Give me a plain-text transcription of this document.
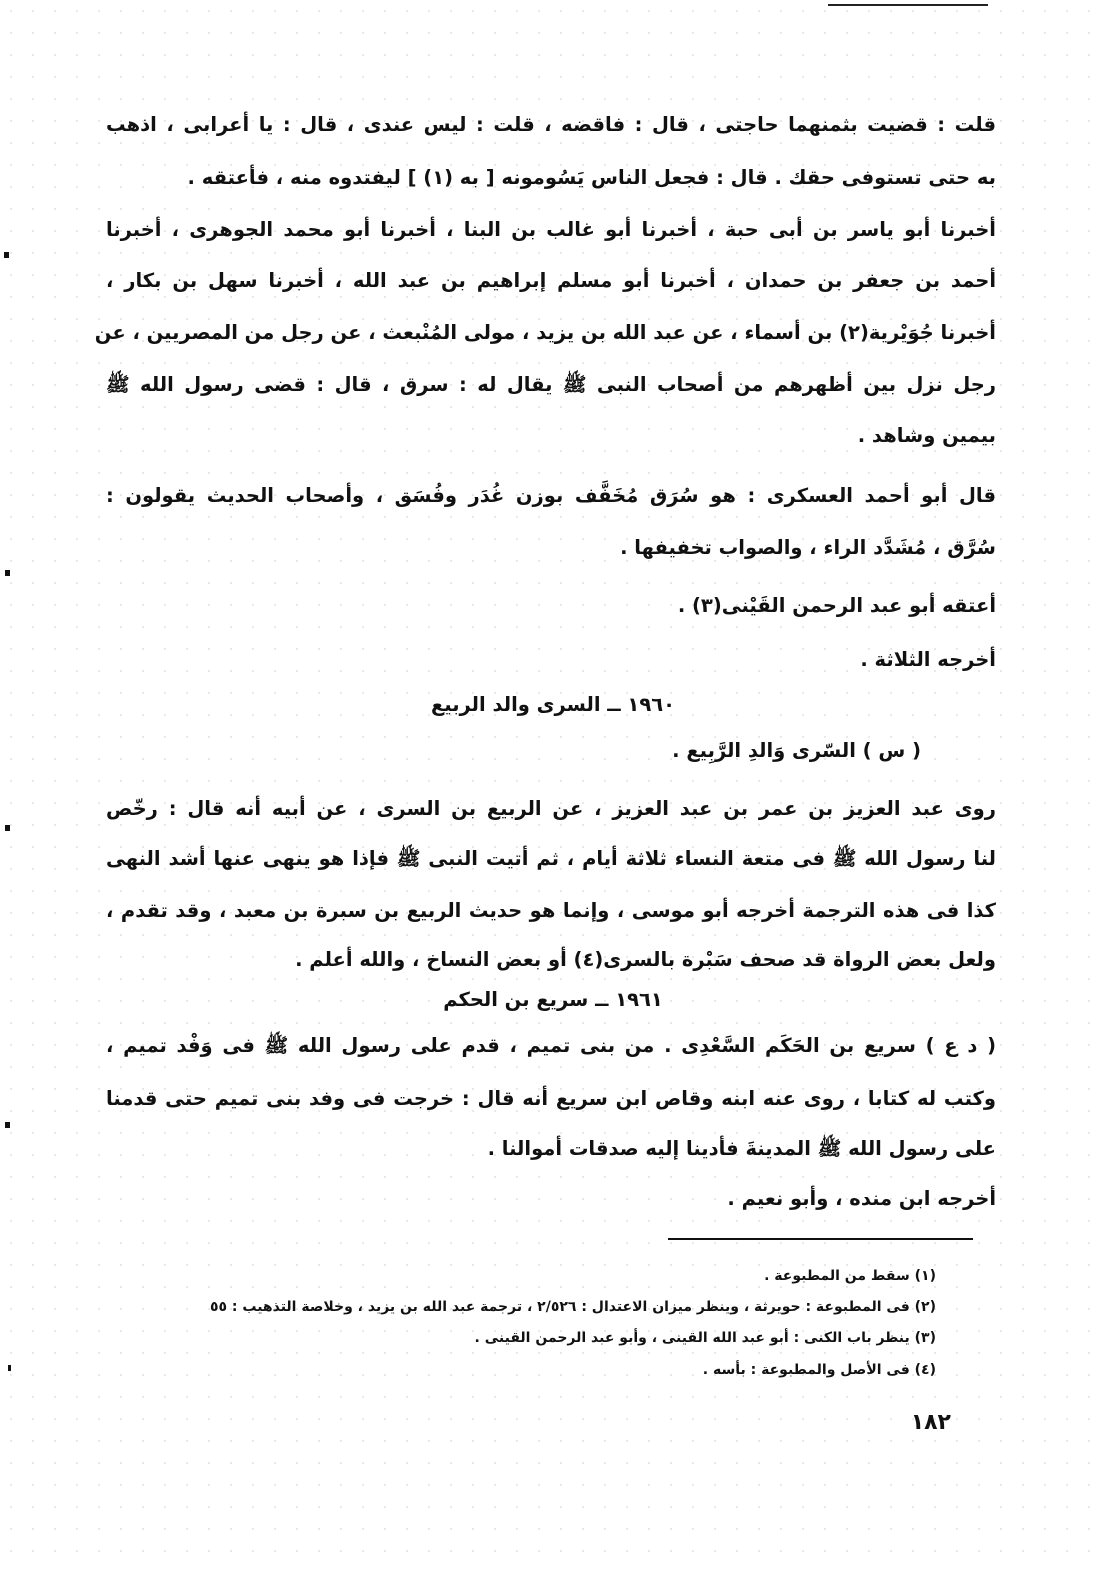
قلت : قضيت بثمنهما حاجتى ، قال : فاقضه ، قلت : ليس عندى ، قال : يا أعرابى ، اذهب
به حتى تستوفى حقك . قال : فجعل الناس يَسُومونه [ به (١) ] ليفتدوه منه ، فأعتقه .
أخبرنا أبو ياسر بن أبى حبة ، أخبرنا أبو غالب بن البنا ، أخبرنا أبو محمد الجوهرى ، أخبرنا
أحمد بن جعفر بن حمدان ، أخبرنا أبو مسلم إبراهيم بن عبد الله ، أخبرنا سهل بن بكار ،
أخبرنا جُوَيْرية(٢) بن أسماء ، عن عبد الله بن يزيد ، مولى المُنْبعث ، عن رجل من المصريين ، عن
رجل نزل بين أظهرهم من أصحاب النبى ﷺ يقال له : سرق ، قال : قضى رسول الله ﷺ
بيمين وشاهد .
قال أبو أحمد العسكرى : هو سُرَق مُخَفَّف بوزن غُدَر وفُسَق ، وأصحاب الحديث يقولون :
سُرَّق ، مُشَدَّد الراء ، والصواب تخفيفها .
أعتقه أبو عبد الرحمن القَيْنى(٣) .
أخرجه الثلاثة .
١٩٦٠ ــ السرى والد الربيع
( س ) السّرى وَالدِ الرَّبِيع .
روى عبد العزيز بن عمر بن عبد العزيز ، عن الربيع بن السرى ، عن أبيه أنه قال : رخّص
لنا رسول الله ﷺ فى متعة النساء ثلاثة أيام ، ثم أتيت النبى ﷺ فإذا هو ينهى عنها أشد النهى
كذا فى هذه الترجمة أخرجه أبو موسى ، وإنما هو حديث الربيع بن سبرة بن معبد ، وقد تقدم ،
ولعل بعض الرواة قد صحف سَبْرة بالسرى(٤) أو بعض النساخ ، والله أعلم .
١٩٦١ ــ سريع بن الحكم
( د ع ) سريع بن الحَكَم السَّعْدِى . من بنى تميم ، قدم على رسول الله ﷺ فى وَفْد تميم ،
وكتب له كتابا ، روى عنه ابنه وقاص ابن سريع أنه قال : خرجت فى وفد بنى تميم حتى قدمنا
على رسول الله ﷺ المدينةَ فأدينا إليه صدقات أموالنا .
أخرجه ابن منده ، وأبو نعيم .
(١) سقط من المطبوعة .
(٢) فى المطبوعة : حويرثة ، وينظر ميزان الاعتدال : ٢/٥٢٦ ، ترجمة عبد الله بن يزيد ، وخلاصة التذهيب : ٥٥
(٣) ينظر باب الكنى : أبو عبد الله القينى ، وأبو عبد الرحمن القينى .
(٤) فى الأصل والمطبوعة : بأسه .
١٨٢
